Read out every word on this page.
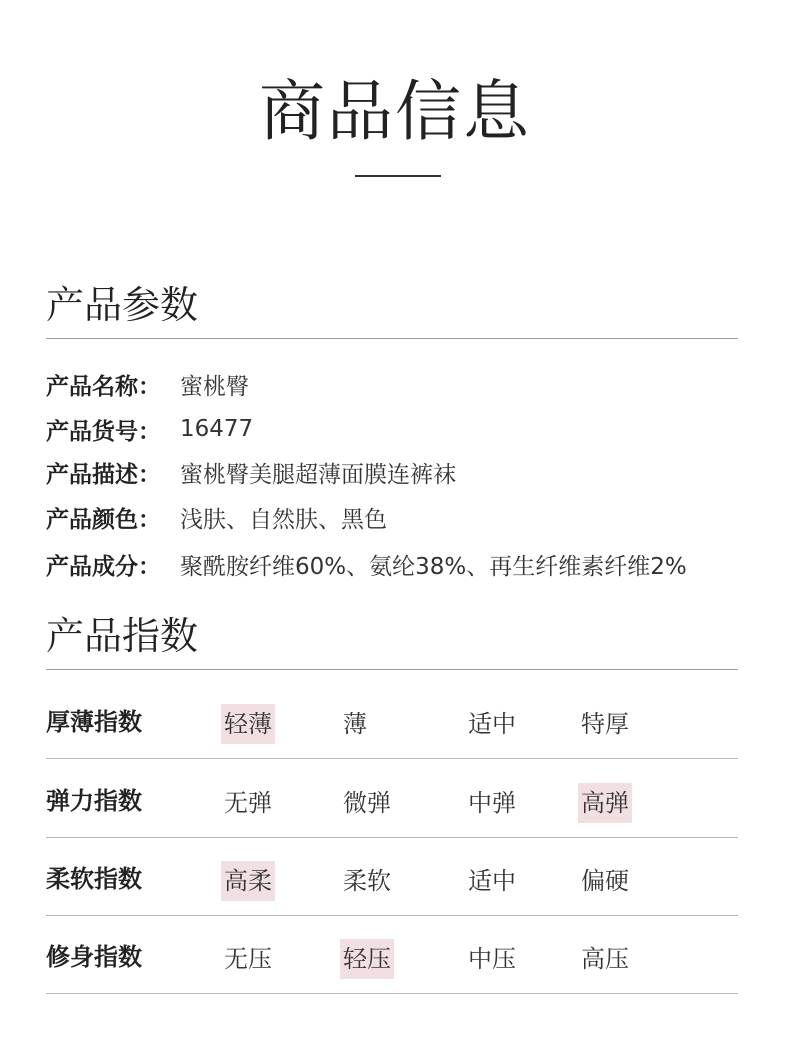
商品信息
产品参数
产品名称： 蜜桃臀
产品货号： 16477
产品描述： 蜜桃臀美腿超薄面膜连裤袜
产品颜色： 浅肤、自然肤、黑色
产品成分： 聚酰胺纤维60%、氨纶38%、再生纤维素纤维2%
产品指数
厚薄指数	轻薄	薄	适中	特厚
弹力指数	无弹	微弹	中弹	高弹
柔软指数	高柔	柔软	适中	偏硬
修身指数	无压	轻压	中压	高压
